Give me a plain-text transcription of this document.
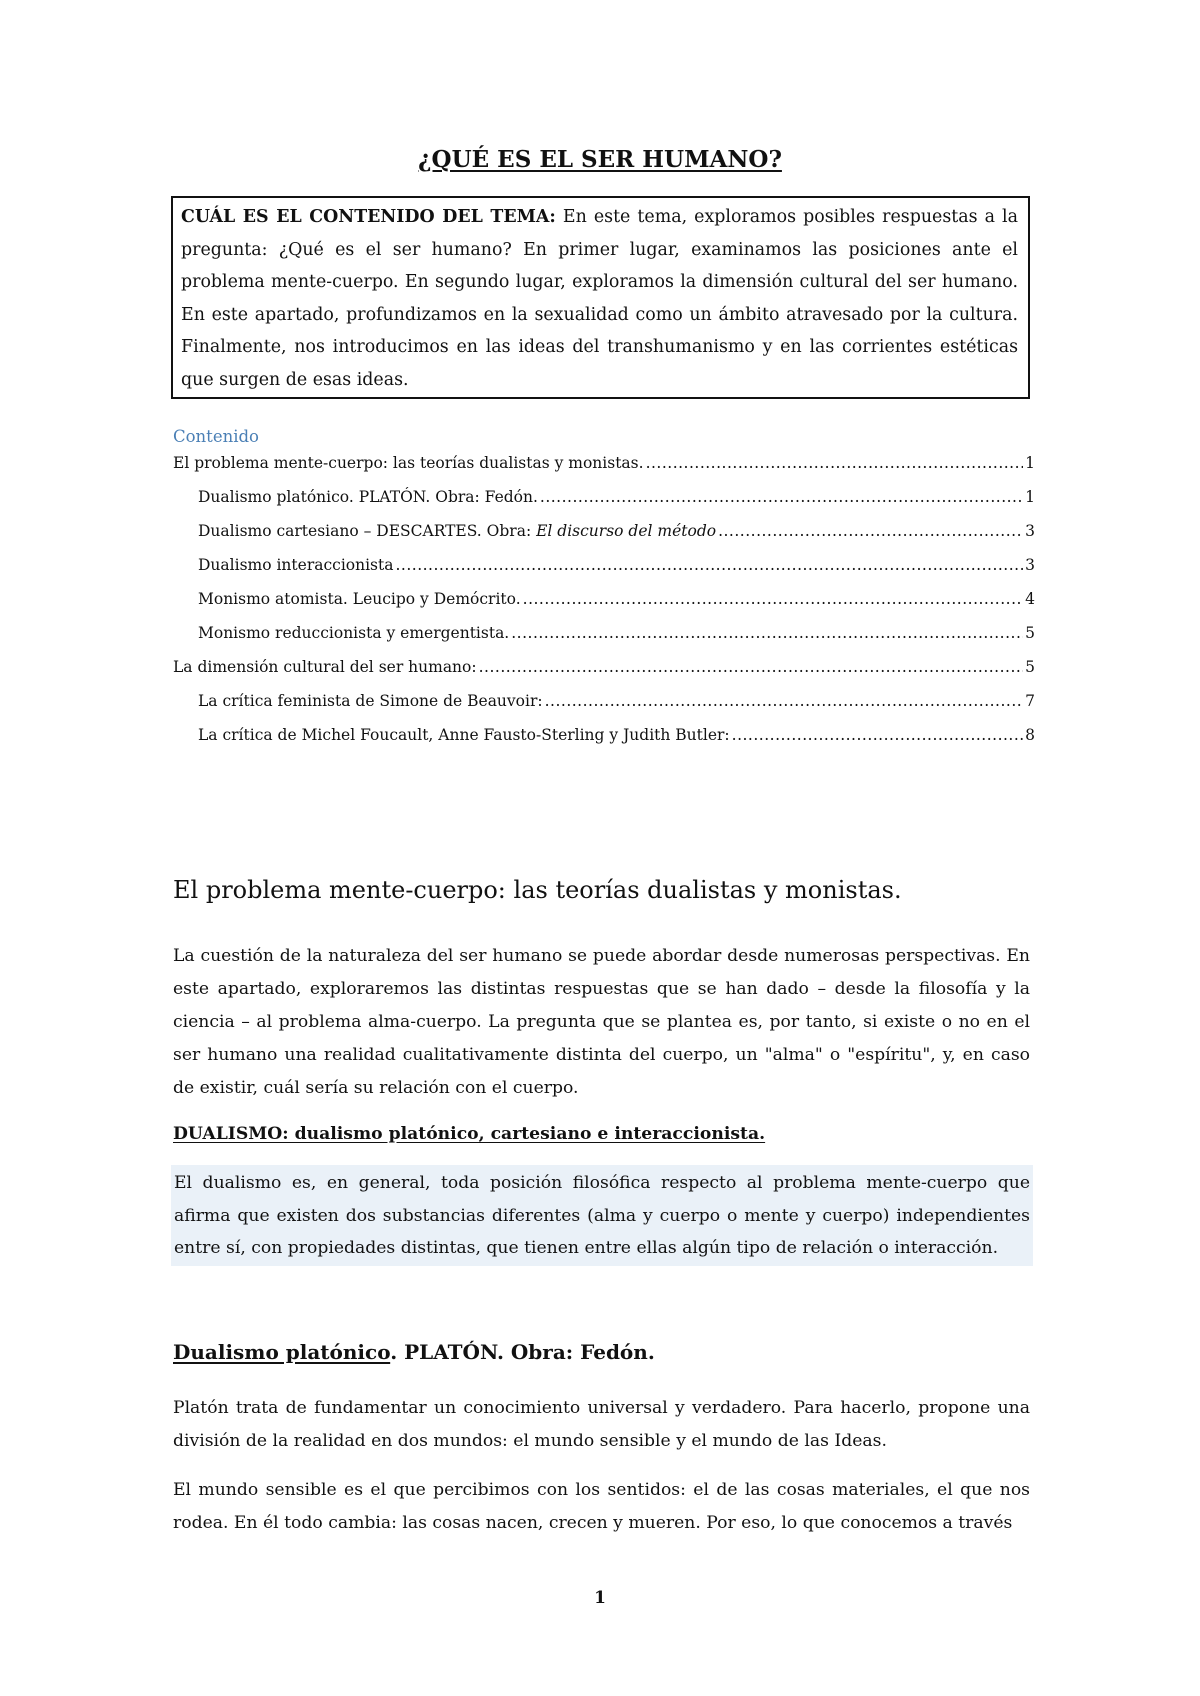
¿QUÉ ES EL SER HUMANO?
CUÁL ES EL CONTENIDO DEL TEMA: En este tema, exploramos posibles respuestas a la pregunta: ¿Qué es el ser humano? En primer lugar, examinamos las posiciones ante el problema mente-cuerpo. En segundo lugar, exploramos la dimensión cultural del ser humano. En este apartado, profundizamos en la sexualidad como un ámbito atravesado por la cultura. Finalmente, nos introducimos en las ideas del transhumanismo y en las corrientes estéticas que surgen de esas ideas.
Contenido
El problema mente-cuerpo: las teorías dualistas y monistas. .....	1
Dualismo platónico. PLATÓN. Obra: Fedón. .....	1
Dualismo cartesiano – DESCARTES. Obra: El discurso del método .....	3
Dualismo interaccionista .....	3
Monismo atomista. Leucipo y Demócrito. .....	4
Monismo reduccionista y emergentista. .....	5
La dimensión cultural del ser humano: .....	5
La crítica feminista de Simone de Beauvoir: .....	7
La crítica de Michel Foucault, Anne Fausto-Sterling y Judith Butler: .....	8
El problema mente-cuerpo: las teorías dualistas y monistas.
La cuestión de la naturaleza del ser humano se puede abordar desde numerosas perspectivas. En este apartado, exploraremos las distintas respuestas que se han dado – desde la filosofía y la ciencia – al problema alma-cuerpo. La pregunta que se plantea es, por tanto, si existe o no en el ser humano una realidad cualitativamente distinta del cuerpo, un "alma" o "espíritu", y, en caso de existir, cuál sería su relación con el cuerpo.
DUALISMO: dualismo platónico, cartesiano e interaccionista.
El dualismo es, en general, toda posición filosófica respecto al problema mente-cuerpo que afirma que existen dos substancias diferentes (alma y cuerpo o mente y cuerpo) independientes entre sí, con propiedades distintas, que tienen entre ellas algún tipo de relación o interacción.
Dualismo platónico. PLATÓN. Obra: Fedón.
Platón trata de fundamentar un conocimiento universal y verdadero. Para hacerlo, propone una división de la realidad en dos mundos: el mundo sensible y el mundo de las Ideas.
El mundo sensible es el que percibimos con los sentidos: el de las cosas materiales, el que nos rodea. En él todo cambia: las cosas nacen, crecen y mueren. Por eso, lo que conocemos a través
1
